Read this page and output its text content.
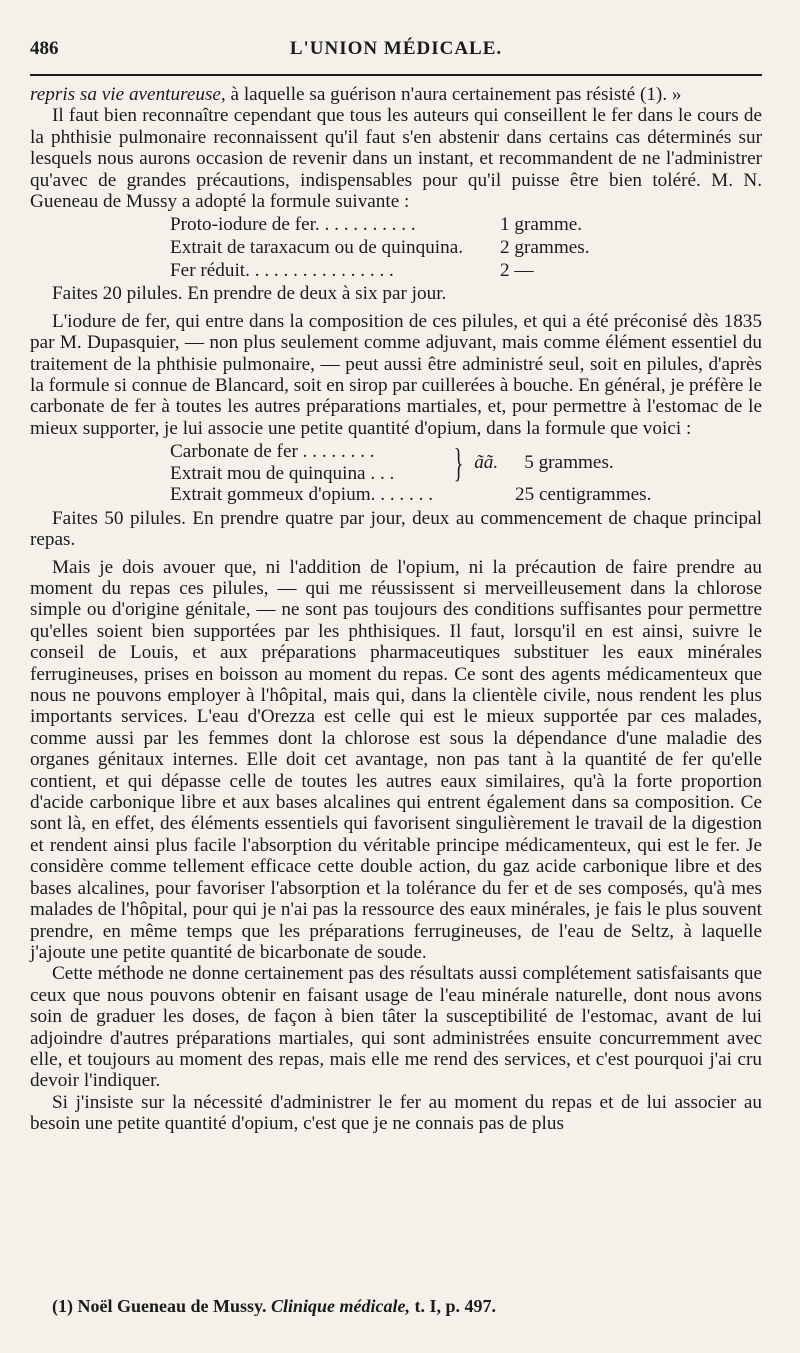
486	L'UNION MÉDICALE.

repris sa vie aventureuse, à laquelle sa guérison n'aura certainement pas résisté (1). »

Il faut bien reconnaître cependant que tous les auteurs qui conseillent le fer dans le cours de la phthisie pulmonaire reconnaissent qu'il faut s'en abstenir dans certains cas déterminés sur lesquels nous aurons occasion de revenir dans un instant, et recommandent de ne l'administrer qu'avec de grandes précautions, indispensables pour qu'il puisse être bien toléré. M. N. Gueneau de Mussy a adopté la formule suivante :

Proto-iodure de fer. . . . . . . . . . .	1 gramme.
Extrait de taraxacum ou de quinquina.	2 grammes.
Fer réduit. . . . . . . . . . . . . . . .	2 —

Faites 20 pilules. En prendre de deux à six par jour.

L'iodure de fer, qui entre dans la composition de ces pilules, et qui a été préconisé dès 1835 par M. Dupasquier, — non plus seulement comme adjuvant, mais comme élément essentiel du traitement de la phthisie pulmonaire, — peut aussi être administré seul, soit en pilules, d'après la formule si connue de Blancard, soit en sirop par cuillerées à bouche. En général, je préfère le carbonate de fer à toutes les autres préparations martiales, et, pour permettre à l'estomac de le mieux supporter, je lui associe une petite quantité d'opium, dans la formule que voici :

Carbonate de fer . . . . . . . .
Extrait mou de quinquina . . .	} ãã. 5 grammes.
Extrait gommeux d'opium. . . . . . .	25 centigrammes.

Faites 50 pilules. En prendre quatre par jour, deux au commencement de chaque principal repas.

Mais je dois avouer que, ni l'addition de l'opium, ni la précaution de faire prendre au moment du repas ces pilules, — qui me réussissent si merveilleusement dans la chlorose simple ou d'origine génitale, — ne sont pas toujours des conditions suffisantes pour permettre qu'elles soient bien supportées par les phthisiques. Il faut, lorsqu'il en est ainsi, suivre le conseil de Louis, et aux préparations pharmaceutiques substituer les eaux minérales ferrugineuses, prises en boisson au moment du repas. Ce sont des agents médicamenteux que nous ne pouvons employer à l'hôpital, mais qui, dans la clientèle civile, nous rendent les plus importants services. L'eau d'Orezza est celle qui est le mieux supportée par ces malades, comme aussi par les femmes dont la chlorose est sous la dépendance d'une maladie des organes génitaux internes. Elle doit cet avantage, non pas tant à la quantité de fer qu'elle contient, et qui dépasse celle de toutes les autres eaux similaires, qu'à la forte proportion d'acide carbonique libre et aux bases alcalines qui entrent également dans sa composition. Ce sont là, en effet, des éléments essentiels qui favorisent singulièrement le travail de la digestion et rendent ainsi plus facile l'absorption du véritable principe médicamenteux, qui est le fer. Je considère comme tellement efficace cette double action, du gaz acide carbonique libre et des bases alcalines, pour favoriser l'absorption et la tolérance du fer et de ses composés, qu'à mes malades de l'hôpital, pour qui je n'ai pas la ressource des eaux minérales, je fais le plus souvent prendre, en même temps que les préparations ferrugineuses, de l'eau de Seltz, à laquelle j'ajoute une petite quantité de bicarbonate de soude.

Cette méthode ne donne certainement pas des résultats aussi complétement satisfaisants que ceux que nous pouvons obtenir en faisant usage de l'eau minérale naturelle, dont nous avons soin de graduer les doses, de façon à bien tâter la susceptibilité de l'estomac, avant de lui adjoindre d'autres préparations martiales, qui sont administrées ensuite concurremment avec elle, et toujours au moment des repas, mais elle me rend des services, et c'est pourquoi j'ai cru devoir l'indiquer.

Si j'insiste sur la nécessité d'administrer le fer au moment du repas et de lui associer au besoin une petite quantité d'opium, c'est que je ne connais pas de plus

(1) Noël Gueneau de Mussy. Clinique médicale, t. I, p. 497.
